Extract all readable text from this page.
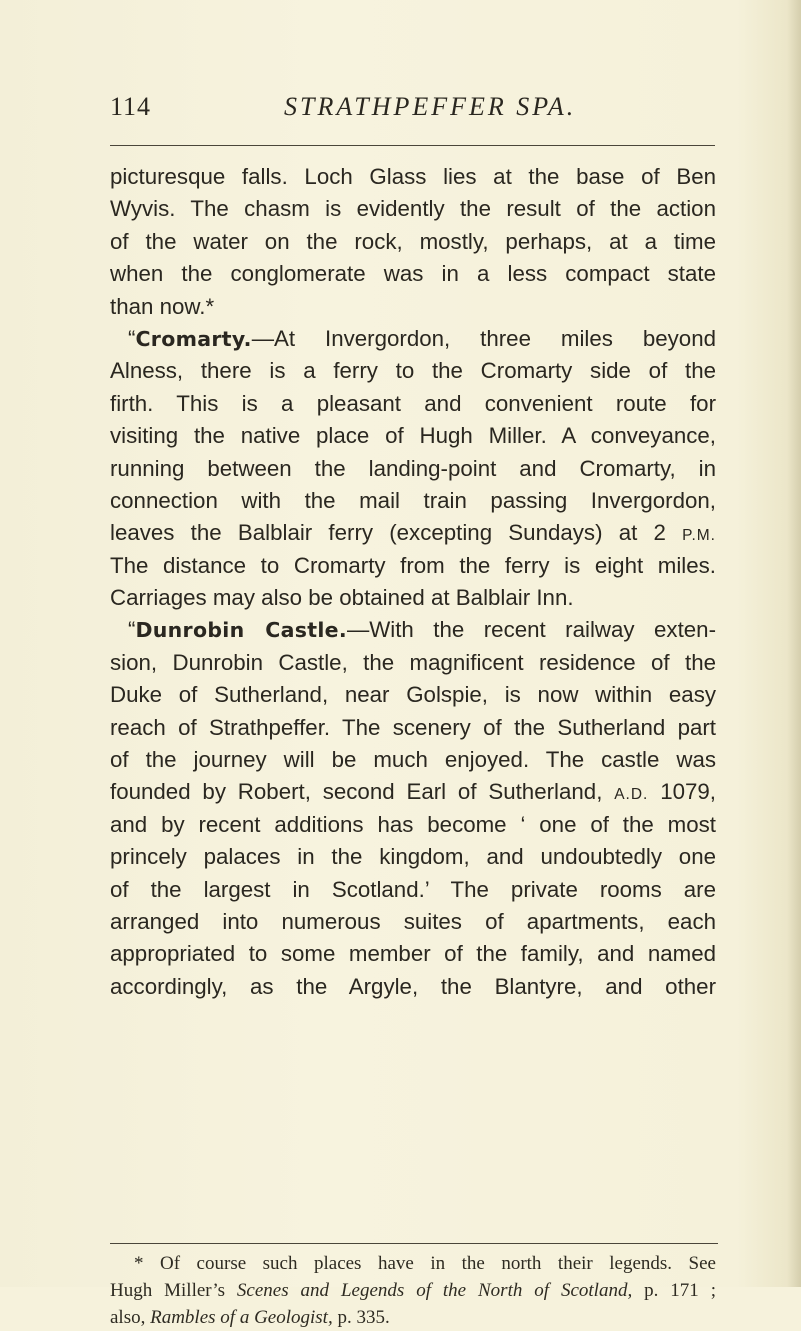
114	STRATHPEFFER SPA.
picturesque falls. Loch Glass lies at the base of Ben
Wyvis. The chasm is evidently the result of the action
of the water on the rock, mostly, perhaps, at a time
when the conglomerate was in a less compact state
than now.*
“Cromarty.—At Invergordon, three miles beyond
Alness, there is a ferry to the Cromarty side of the
firth. This is a pleasant and convenient route for
visiting the native place of Hugh Miller. A conveyance,
running between the landing-point and Cromarty, in
connection with the mail train passing Invergordon,
leaves the Balblair ferry (excepting Sundays) at 2 P.M.
The distance to Cromarty from the ferry is eight miles.
Carriages may also be obtained at Balblair Inn.
“Dunrobin Castle.—With the recent railway exten-
sion, Dunrobin Castle, the magnificent residence of the
Duke of Sutherland, near Golspie, is now within easy
reach of Strathpeffer. The scenery of the Sutherland part
of the journey will be much enjoyed. The castle was
founded by Robert, second Earl of Sutherland, A.D. 1079,
and by recent additions has become ‘ one of the most
princely palaces in the kingdom, and undoubtedly one
of the largest in Scotland.’ The private rooms are
arranged into numerous suites of apartments, each
appropriated to some member of the family, and named
accordingly, as the Argyle, the Blantyre, and other
* Of course such places have in the north their legends. See
Hugh Miller’s Scenes and Legends of the North of Scotland, p. 171 ;
also, Rambles of a Geologist, p. 335.
